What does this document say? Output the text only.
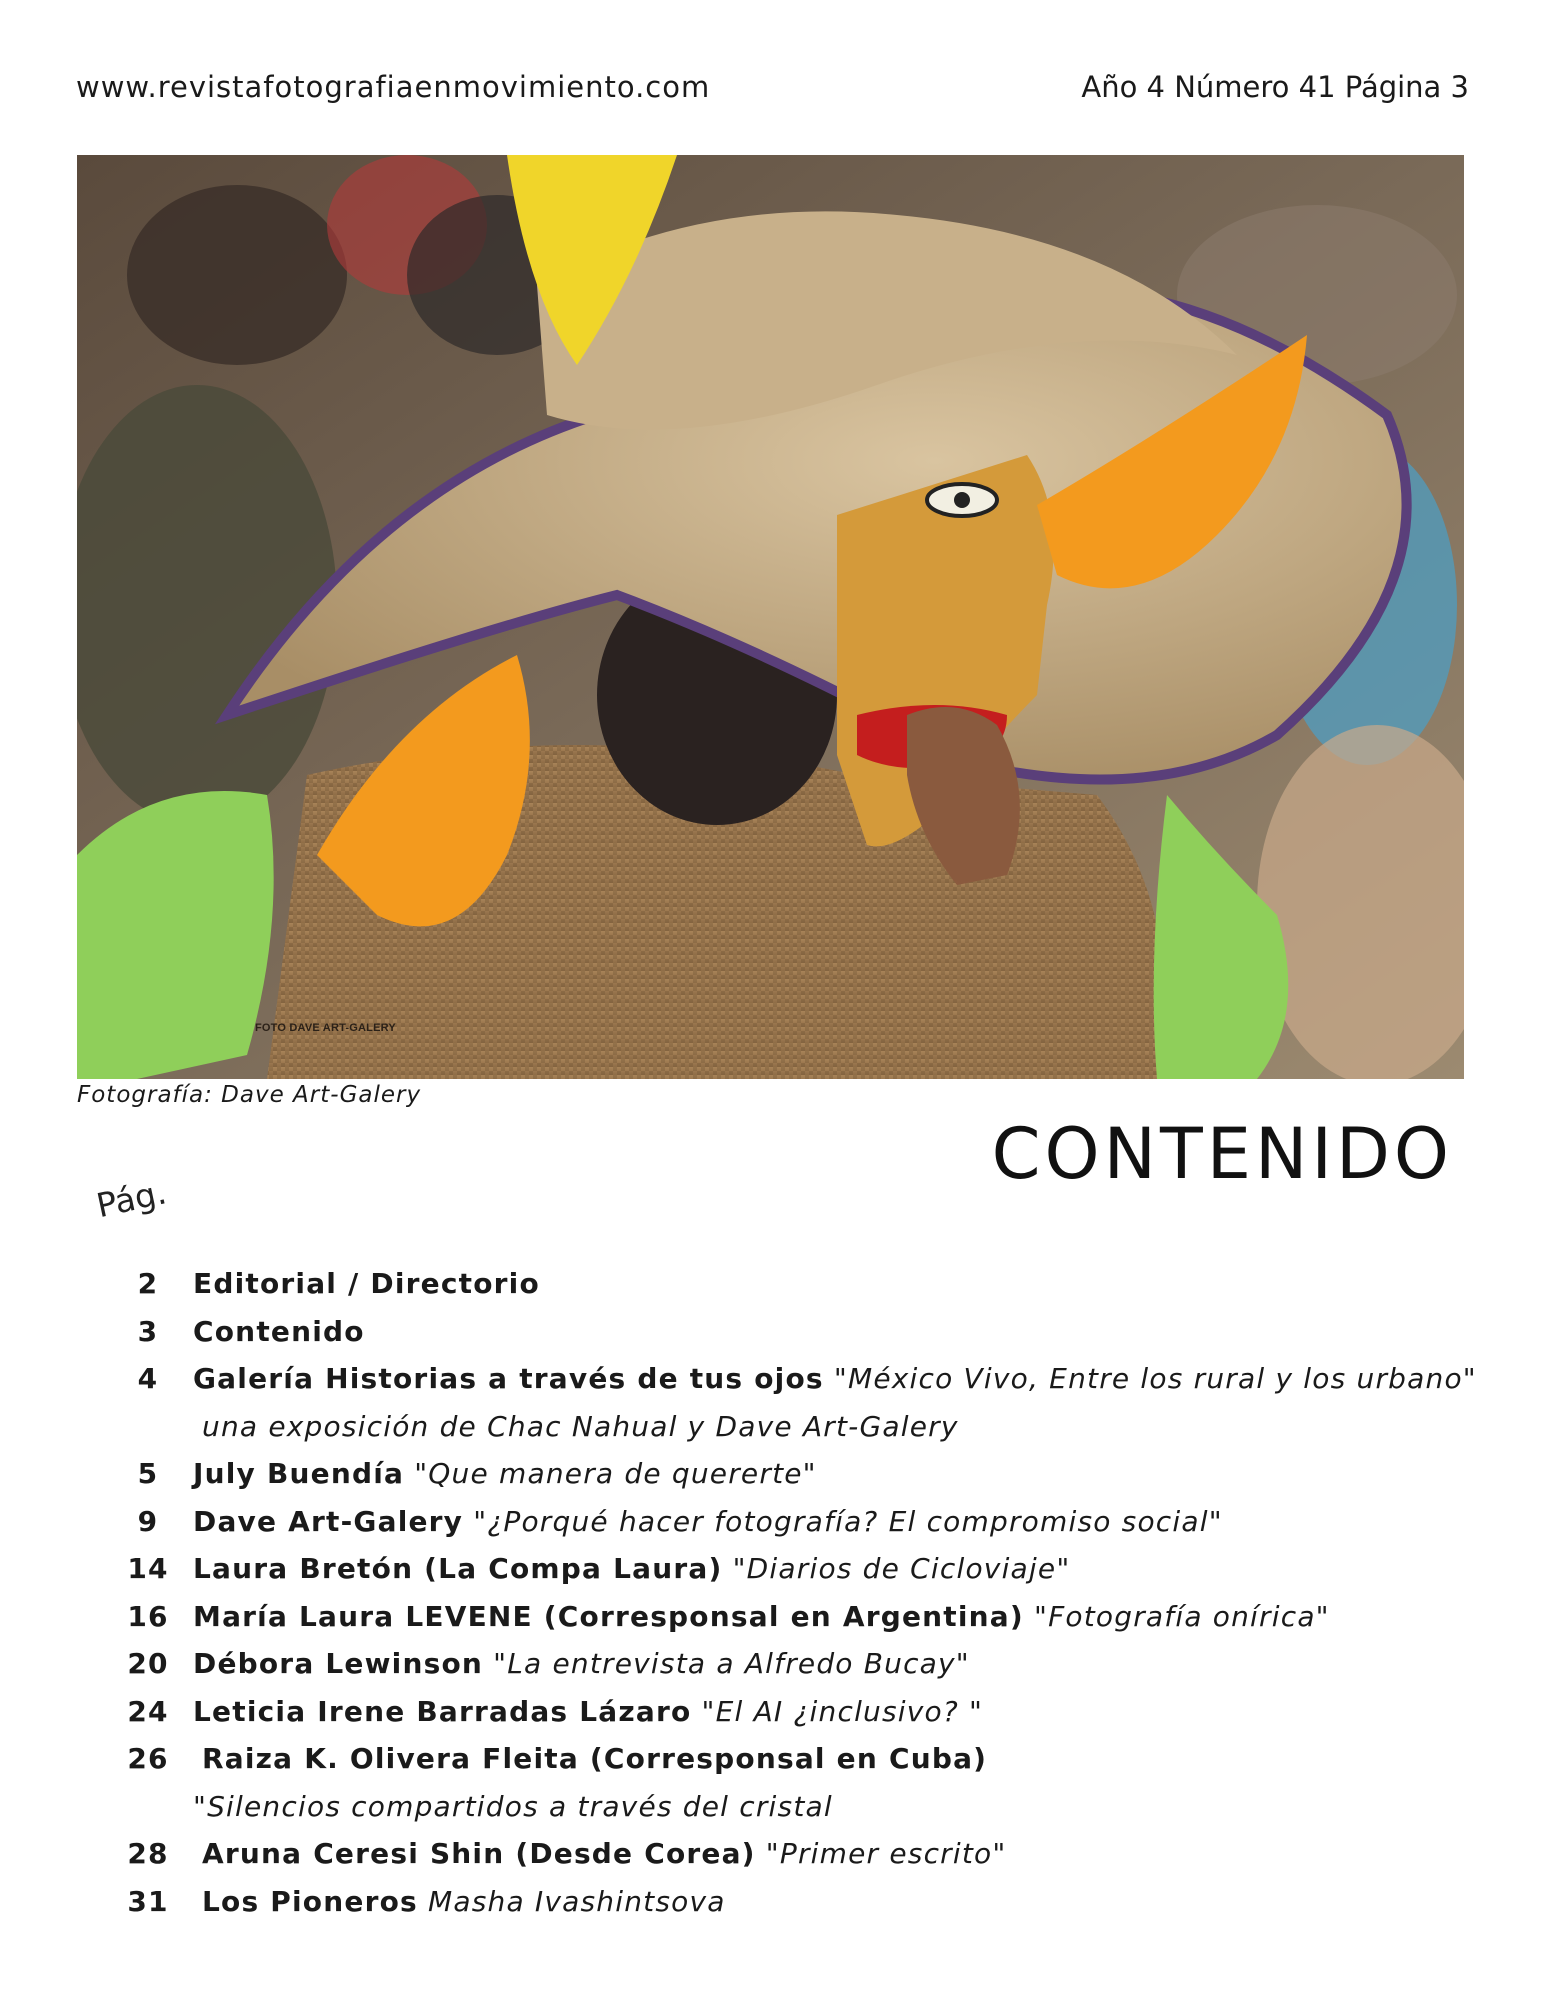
www.revistafotografiaenmovimiento.com	Año 4 Número 41 Página 3
FOTO DAVE ART-GALERY
Fotografía: Dave Art-Galery
CONTENIDO
Pág.
2	Editorial / Directorio
3	Contenido
4	Galería Historias a través de tus ojos "México Vivo, Entre los rural y los urbano"
una exposición de Chac Nahual y Dave Art-Galery
5	July Buendía "Que manera de quererte"
9	Dave Art-Galery "¿Porqué hacer fotografía? El compromiso social"
14 Laura Bretón (La Compa Laura) "Diarios de Cicloviaje"
16 María Laura LEVENE (Corresponsal en Argentina) "Fotografía onírica"
20 Débora Lewinson "La entrevista a Alfredo Bucay"
24 Leticia Irene Barradas Lázaro "El AI ¿inclusivo? "
26	Raiza K. Olivera Fleita (Corresponsal en Cuba)
"Silencios compartidos a través del cristal
28	Aruna Ceresi Shin (Desde Corea) "Primer escrito"
31	Los Pioneros Masha Ivashintsova
